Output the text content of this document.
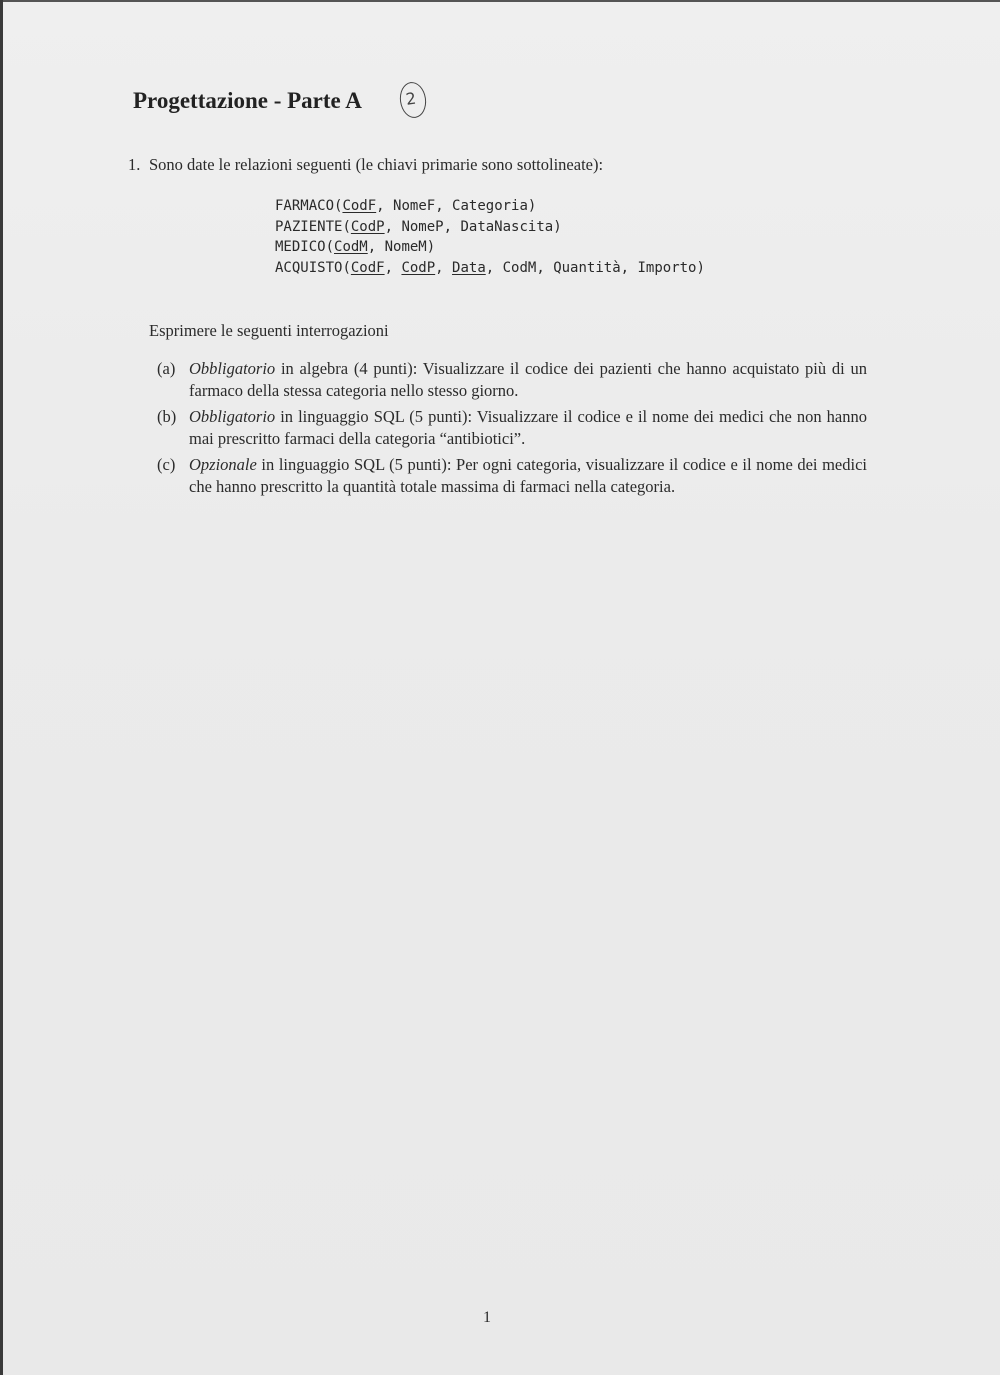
Progettazione - Parte A	2
1. Sono date le relazioni seguenti (le chiavi primarie sono sottolineate):
FARMACO(CodF, NomeF, Categoria)
PAZIENTE(CodP, NomeP, DataNascita)
MEDICO(CodM, NomeM)
ACQUISTO(CodF, CodP, Data, CodM, Quantità, Importo)
Esprimere le seguenti interrogazioni
(a) Obbligatorio in algebra (4 punti): Visualizzare il codice dei pazienti che hanno acquistato più di un farmaco della stessa categoria nello stesso giorno.
(b) Obbligatorio in linguaggio SQL (5 punti): Visualizzare il codice e il nome dei medici che non hanno mai prescritto farmaci della categoria “antibiotici”.
(c) Opzionale in linguaggio SQL (5 punti): Per ogni categoria, visualizzare il codice e il nome dei medici che hanno prescritto la quantità totale massima di farmaci nella categoria.
1
